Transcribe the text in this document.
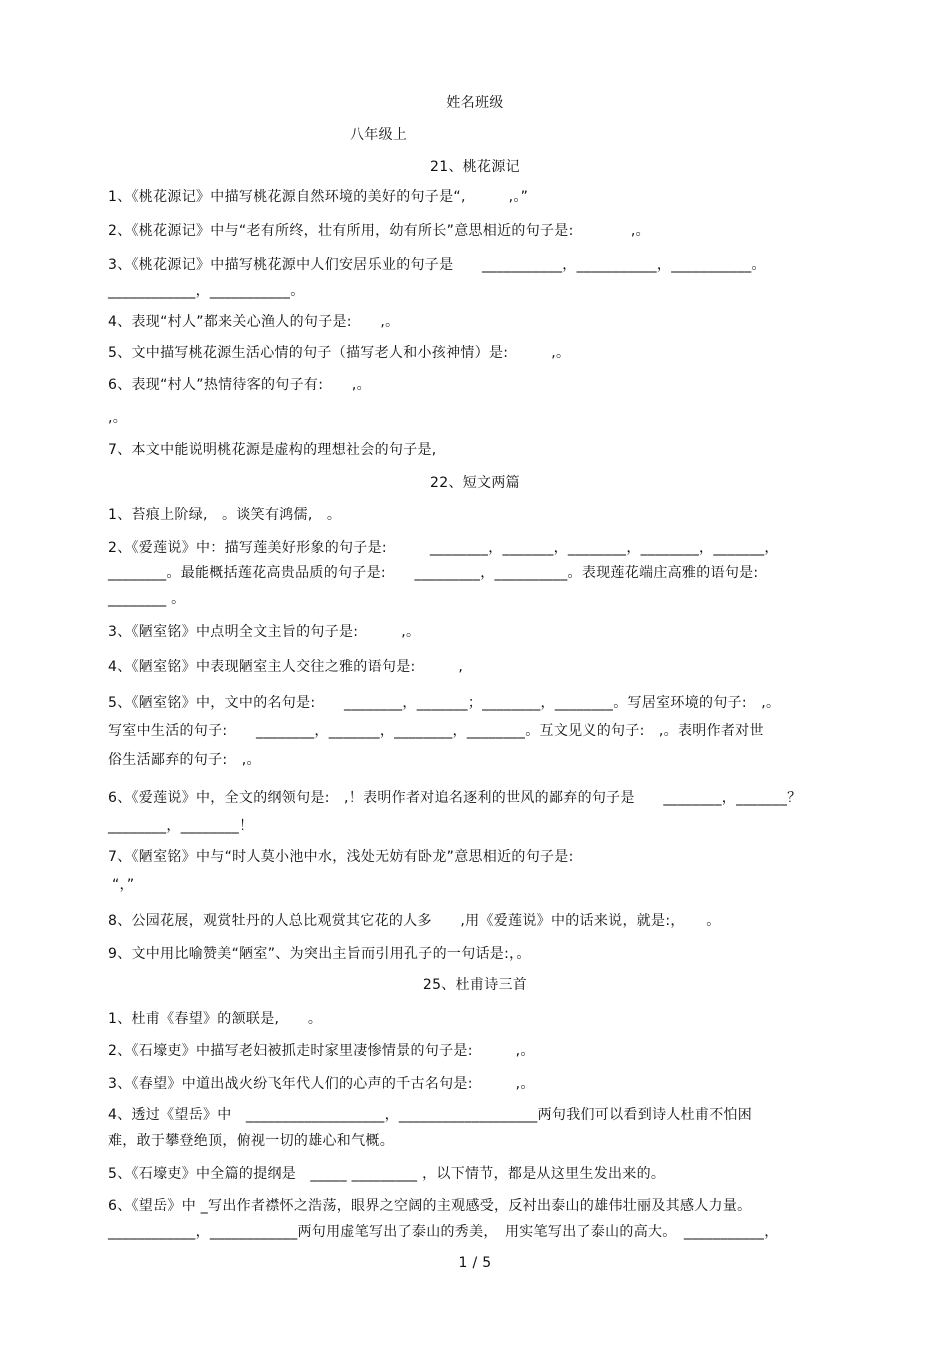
姓名班级
八年级上
21、桃花源记
1、《桃花源记》中描写桃花源自然环境的美好的句子是“,　　　,。”
2、《桃花源记》中与“老有所终，壮有所用，幼有所长”意思相近的句子是:　　　　,。
3、《桃花源记》中描写桃花源中人们安居乐业的句子是　　___________，___________，___________。
____________，___________。
4、表现“村人”都来关心渔人的句子是:　　,。
5、文中描写桃花源生活心情的句子（描写老人和小孩神情）是:　　　,。
6、表现“村人”热情待客的句子有:　　,。
,。
7、本文中能说明桃花源是虚构的理想社会的句子是,
22、短文两篇
1、苔痕上阶绿,　。谈笑有鸿儒,　。
2、《爱莲说》中：描写莲美好形象的句子是:　　　________，_______，________，________，_______，
________。最能概括莲花高贵品质的句子是:　　_________，__________。表现莲花端庄高雅的语句是:
________ 。
3、《陋室铭》中点明全文主旨的句子是:　　　,。
4、《陋室铭》中表现陋室主人交往之雅的语句是:　　　,
5、《陋室铭》中，文中的名句是:　　________，_______；________，________。写居室环境的句子:　,。
写室中生活的句子:　　________，_______，________，________。互文见义的句子:　,。表明作者对世
俗生活鄙弃的句子:　,。
6、《爱莲说》中，全文的纲领句是:　,！表明作者对追名逐利的世风的鄙弃的句子是　　________，_______？
________，________！
7、《陋室铭》中与“时人莫小池中水，浅处无妨有卧龙”意思相近的句子是:
“，”
8、公园花展，观赏牡丹的人总比观赏其它花的人多　　,用《爱莲说》中的话来说，就是:，　　。
9、文中用比喻赞美“陋室”、为突出主旨而引用孔子的一句话是:，。
25、杜甫诗三首
1、杜甫《春望》的颔联是,　　。
2、《石壕吏》中描写老妇被抓走时家里凄惨情景的句子是:　　　,。
3、《春望》中道出战火纷飞年代人们的心声的千古名句是:　　　,。
4、透过《望岳》中　___________________，___________________两句我们可以看到诗人杜甫不怕困
难，敢于攀登绝顶，俯视一切的雄心和气概。
5、《石壕吏》中全篇的提纲是　_____ _________ ，以下情节，都是从这里生发出来的。
6、《望岳》中 _写出作者襟怀之浩荡，眼界之空阔的主观感受，反衬出泰山的雄伟壮丽及其感人力量。
____________，____________两句用虚笔写出了泰山的秀美，　用实笔写出了泰山的高大。　___________，
1 / 5
